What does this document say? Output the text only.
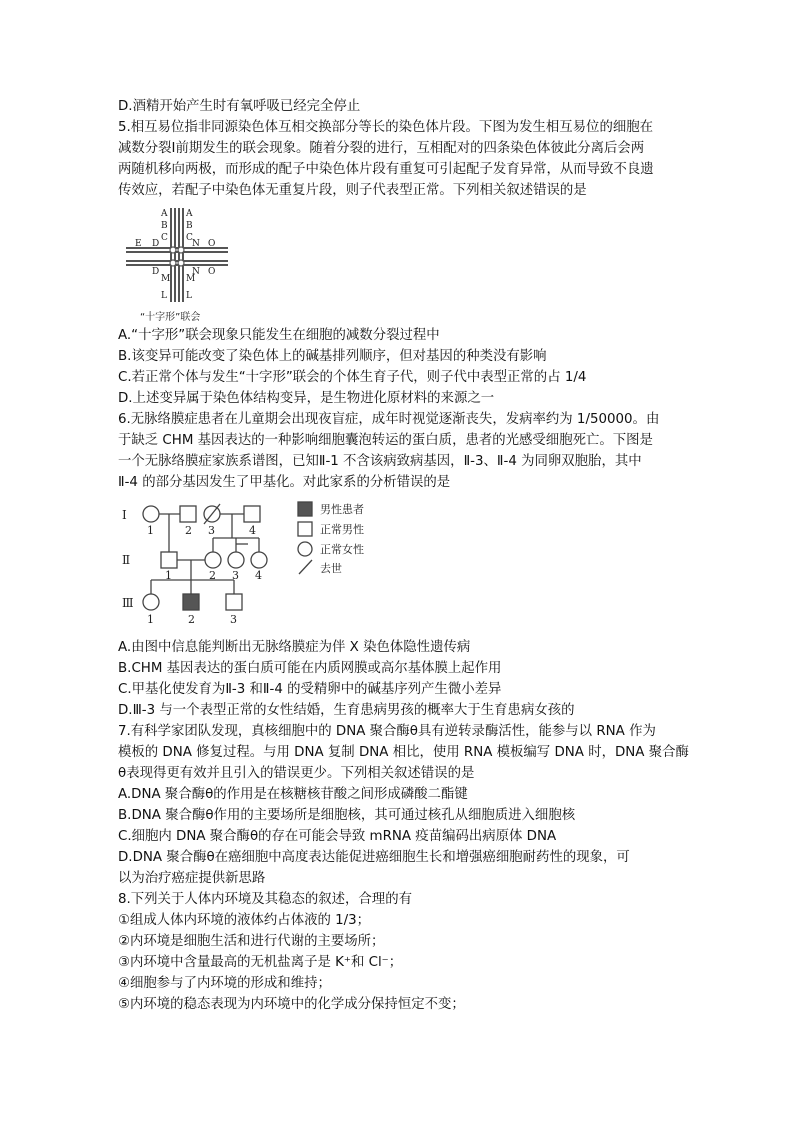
D.酒精开始产生时有氧呼吸已经完全停止
5.相互易位指非同源染色体互相交换部分等长的染色体片段。下图为发生相互易位的细胞在
减数分裂Ⅰ前期发生的联会现象。随着分裂的进行，互相配对的四条染色体彼此分离后会两
两随机移向两极，而形成的配子中染色体片段有重复可引起配子发育异常，从而导致不良遗
传效应，若配子中染色体无重复片段，则子代表型正常。下列相关叙述错误的是
A
B
C
A
B
C
E D	N O
N O
M
L
D
M
L
“十字形”联会
A.“十字形”联会现象只能发生在细胞的减数分裂过程中
B.该变异可能改变了染色体上的碱基排列顺序，但对基因的种类没有影响
C.若正常个体与发生“十字形”联会的个体生育子代，则子代中表型正常的占 1/4
D.上述变异属于染色体结构变异，是生物进化原材料的来源之一
6.无脉络膜症患者在儿童期会出现夜盲症，成年时视觉逐渐丧失，发病率约为 1/50000。由
于缺乏 CHM 基因表达的一种影响细胞囊泡转运的蛋白质，患者的光感受细胞死亡。下图是
一个无脉络膜症家族系谱图，已知Ⅱ-1 不含该病致病基因，Ⅱ-3、Ⅱ-4 为同卵双胞胎，其中
Ⅱ-4 的部分基因发生了甲基化。对此家系的分析错误的是
Ⅰ
Ⅱ
Ⅲ
1	2 3	4
1	2 3 4
1	2	3
男性患者
正常男性
正常女性
去世
A.由图中信息能判断出无脉络膜症为伴 X 染色体隐性遗传病
B.CHM 基因表达的蛋白质可能在内质网膜或高尔基体膜上起作用
C.甲基化使发育为Ⅱ-3 和Ⅱ-4 的受精卵中的碱基序列产生微小差异
D.Ⅲ-3 与一个表型正常的女性结婚，生育患病男孩的概率大于生育患病女孩的
7.有科学家团队发现，真核细胞中的 DNA 聚合酶θ具有逆转录酶活性，能参与以 RNA 作为
模板的 DNA 修复过程。与用 DNA 复制 DNA 相比，使用 RNA 模板编写 DNA 时，DNA 聚合酶
θ表现得更有效并且引入的错误更少。下列相关叙述错误的是
A.DNA 聚合酶θ的作用是在核糖核苷酸之间形成磷酸二酯键
B.DNA 聚合酶θ作用的主要场所是细胞核，其可通过核孔从细胞质进入细胞核
C.细胞内 DNA 聚合酶θ的存在可能会导致 mRNA 疫苗编码出病原体 DNA
D.DNA 聚合酶θ在癌细胞中高度表达能促进癌细胞生长和增强癌细胞耐药性的现象，可
以为治疗癌症提供新思路
8.下列关于人体内环境及其稳态的叙述，合理的有
①组成人体内环境的液体约占体液的 1/3；
②内环境是细胞生活和进行代谢的主要场所；
③内环境中含量最高的无机盐离子是 K⁺和 Cl⁻；
④细胞参与了内环境的形成和维持；
⑤内环境的稳态表现为内环境中的化学成分保持恒定不变；
